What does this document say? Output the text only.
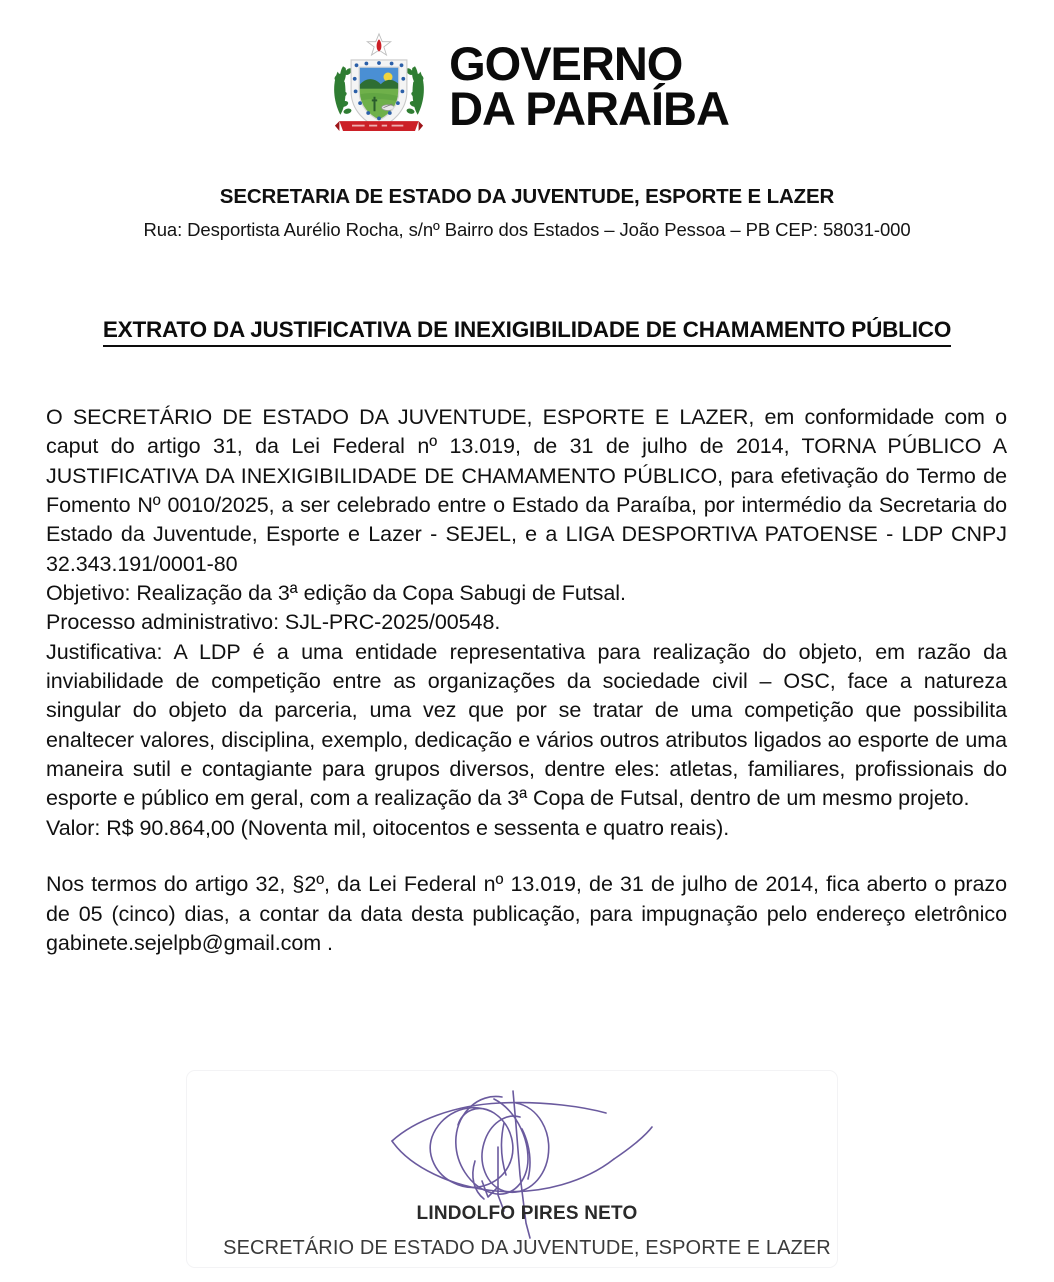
GOVERNO
DA PARAÍBA
SECRETARIA DE ESTADO DA JUVENTUDE, ESPORTE E LAZER
Rua: Desportista Aurélio Rocha, s/nº Bairro dos Estados – João Pessoa – PB CEP: 58031-000
EXTRATO DA JUSTIFICATIVA DE INEXIGIBILIDADE DE CHAMAMENTO PÚBLICO

O SECRETÁRIO DE ESTADO DA JUVENTUDE, ESPORTE E LAZER, em conformidade com o caput do artigo 31, da Lei Federal nº 13.019, de 31 de julho de 2014, TORNA PÚBLICO A JUSTIFICATIVA DA INEXIGIBILIDADE DE CHAMAMENTO PÚBLICO, para efetivação do Termo de Fomento Nº 0010/2025, a ser celebrado entre o Estado da Paraíba, por intermédio da Secretaria do Estado da Juventude, Esporte e Lazer - SEJEL, e a LIGA DESPORTIVA PATOENSE - LDP CNPJ 32.343.191/0001-80

Objetivo: Realização da 3ª edição da Copa Sabugi de Futsal.

Processo administrativo: SJL-PRC-2025/00548.

Justificativa: A LDP é a uma entidade representativa para realização do objeto, em razão da inviabilidade de competição entre as organizações da sociedade civil – OSC, face a natureza singular do objeto da parceria, uma vez que por se tratar de uma competição que possibilita enaltecer valores, disciplina, exemplo, dedicação e vários outros atributos ligados ao esporte de uma maneira sutil e contagiante para grupos diversos, dentre eles: atletas, familiares, profissionais do esporte e público em geral, com a realização da 3ª Copa de Futsal, dentro de um mesmo projeto.

Valor: R$ 90.864,00 (Noventa mil, oitocentos e sessenta e quatro reais).

Nos termos do artigo 32, §2º, da Lei Federal nº 13.019, de 31 de julho de 2014, fica aberto o prazo de 05 (cinco) dias, a contar da data desta publicação, para impugnação pelo endereço eletrônico gabinete.sejelpb@gmail.com .

LINDOLFO PIRES NETO
SECRETÁRIO DE ESTADO DA JUVENTUDE, ESPORTE E LAZER
